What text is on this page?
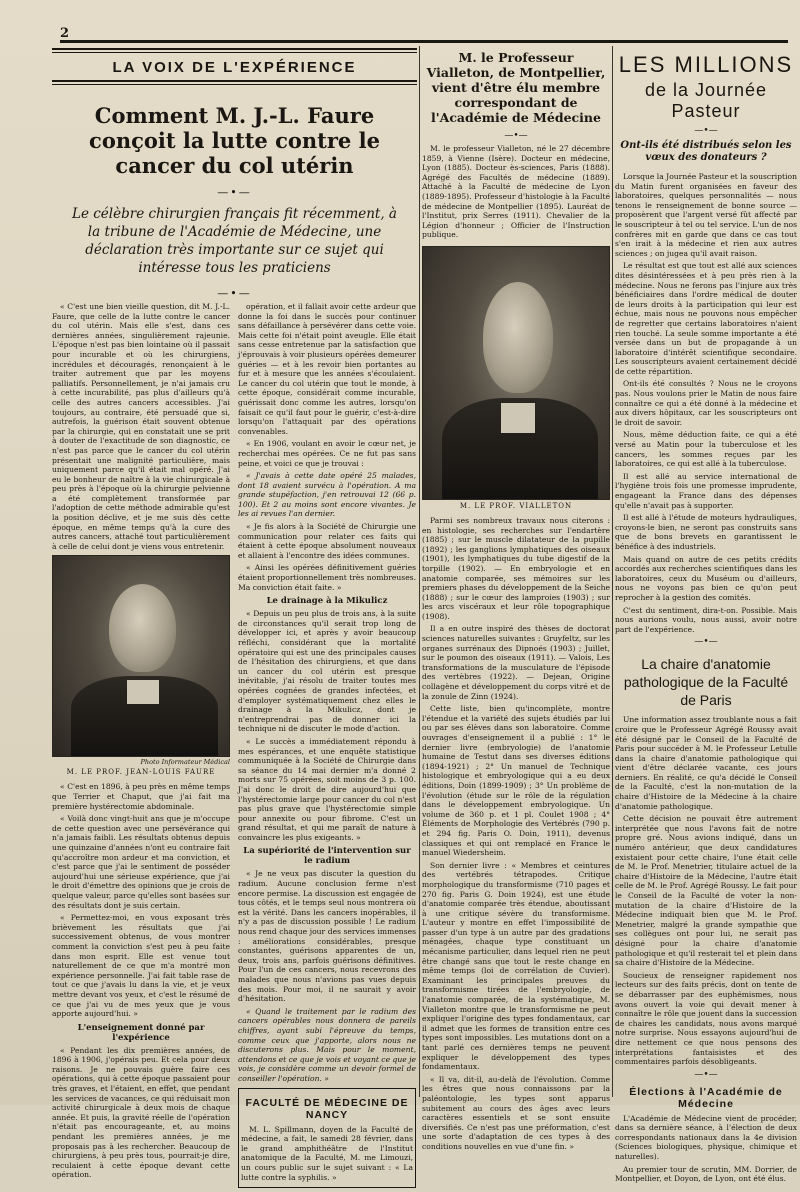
2
LA VOIX DE L'EXPÉRIENCE
Comment M. J.-L. Faure conçoit la lutte contre le cancer du col utérin
—•—
Le célèbre chirurgien français fit récemment, à la tribune de l'Académie de Médecine, une déclaration très importante sur ce sujet qui intéresse tous les praticiens
—•—

« C'est une bien vieille question, dit M. J.-L. Faure, que celle de la lutte contre le cancer du col utérin. Mais elle s'est, dans ces dernières années, singulièrement rajeunie. L'époque n'est pas bien lointaine où il passait pour incurable et où les chirurgiens, incrédules et découragés, renonçaient à le traiter autrement que par les moyens palliatifs. Personnellement, je n'ai jamais cru à cette incurabilité, pas plus d'ailleurs qu'à celle des autres cancers accessibles. J'ai toujours, au contraire, été persuadé que si, autrefois, la guérison était souvent obtenue par la chirurgie, qui en constatait une se prit à douter de l'exactitude de son diagnostic, ce n'est pas parce que le cancer du col utérin présentait une malignité particulière, mais uniquement parce qu'il était mal opéré. J'ai eu le bonheur de naître à la vie chirurgicale à peu près à l'époque où la chirurgie pelvienne a été complètement transformée par l'adoption de cette méthode admirable qu'est la position déclive, et je me suis dès cette époque, en même temps qu'à la cure des autres cancers, attaché tout particulièrement à celle de celui dont je viens vous entretenir.

Photo Informateur Médical
M. LE PROF. JEAN-LOUIS FAURE

« C'est en 1896, à peu près en même temps que Terrier et Chaput, que j'ai fait ma première hystérectomie abdominale.

« Voilà donc vingt-huit ans que je m'occupe de cette question avec une persévérance qui n'a jamais faibli. Les résultats obtenus depuis une quinzaine d'années n'ont eu contraire fait qu'accroître mon ardeur et ma conviction, et c'est parce que j'ai le sentiment de posséder aujourd'hui une sérieuse expérience, que j'ai le droit d'émettre des opinions que je crois de quelque valeur, parce qu'elles sont basées sur des résultats dont je suis certain.

« Permettez-moi, en vous exposant très brièvement les résultats que j'ai successivement obtenus, de vous montrer comment la conviction s'est peu à peu faite dans mon esprit. Elle est venue tout naturellement de ce que m'a montré mon expérience personnelle. J'ai fait table rase de tout ce que j'avais lu dans la vie, et je veux mettre devant vos yeux, et c'est le résumé de ce que j'ai vu de mes yeux que je vous apporte aujourd'hui. »

L'enseignement donné par l'expérience

« Pendant les dix premières années, de 1896 à 1906, j'opérais peu. Et cela pour deux raisons. Je ne pouvais guère faire ces opérations, qui à cette époque passaient pour très graves, et l'étaient, en effet, que pendant les services de vacances, ce qui réduisait mon activité chirurgicale à deux mois de chaque année. Et puis, la gravité réelle de l'opération n'était pas encourageante, et, au moins pendant les premières années, je me proposais pas à les rechercher. Beaucoup de chirurgiens, à peu près tous, pourrait-je dire, reculaient à cette époque devant cette opération.

opération, et il fallait avoir cette ardeur que donne la foi dans le succès pour continuer sans défaillance à persévérer dans cette voie. Mais cette foi n'était point aveugle. Elle était sans cesse entretenue par la satisfaction que j'éprouvais à voir plusieurs opérées demeurer guéries — et à les revoir bien portantes au fur et à mesure que les années s'écoulaient. Le cancer du col utérin que tout le monde, à cette époque, considérait comme incurable, guérissait donc comme les autres, lorsqu'on faisait ce qu'il faut pour le guérir, c'est-à-dire lorsqu'on l'attaquait par des opérations convenables.

« En 1906, voulant en avoir le cœur net, je recherchai mes opérées. Ce ne fut pas sans peine, et voici ce que je trouvai :

« J'avais à cette date opéré 25 malades, dont 18 avaient survécu à l'opération. A ma grande stupéfaction, j'en retrouvai 12 (66 p. 100). Et 2 au moins sont encore vivantes. Je les ai revues l'an dernier.

« Je fis alors à la Société de Chirurgie une communication pour relater ces faits qui étaient à cette époque absolument nouveaux et allaient à l'encontre des idées communes.

« Ainsi les opérées définitivement guéries étaient proportionnellement très nombreuses. Ma conviction était faite. »

Le drainage à la Mikulicz

« Depuis un peu plus de trois ans, à la suite de circonstances qu'il serait trop long de développer ici, et après y avoir beaucoup réfléchi, considérant que la mortalité opératoire qui est une des principales causes de l'hésitation des chirurgiens, et que dans un cancer du col utérin est presque inévitable, j'ai résolu de traiter toutes mes opérées cognées de grandes infectées, et d'employer systématiquement chez elles le drainage à la Mikulicz, dont je n'entreprendrai pas de donner ici la technique ni de discuter le mode d'action.

« Le succès a immédiatement répondu à mes espérances, et une enquête statistique communiquée à la Société de Chirurgie dans sa séance du 14 mai dernier m'a donné 2 morts sur 75 opérées, soit moins de 3 p. 100. J'ai donc le droit de dire aujourd'hui que l'hystérectomie large pour cancer du col n'est pas plus grave que l'hystérectomie simple pour annexite ou pour fibrome. C'est un grand résultat, et qui me paraît de nature à convaincre les plus exigeants. »

La supériorité de l'intervention sur le radium

« Je ne veux pas discuter la question du radium. Aucune conclusion ferme n'est encore permise. La discussion est engagée de tous côtés, et le temps seul nous montrera où est la vérité. Dans les cancers inopérables, il n'y a pas de discussion possible ! Le radium nous rend chaque jour des services immenses : améliorations considérables, presque constantes, guérisons apparentes de un, deux, trois ans, parfois guérisons définitives. Pour l'un de ces cancers, nous recevrons des malades que nous n'avions pas vues depuis des mois. Pour moi, il ne saurait y avoir d'hésitation.

« Quand le traitement par le radium des cancers opérables nous donnera de pareils chiffres, ayant subi l'épreuve du temps, comme ceux que j'apporte, alors nous ne discuterons plus. Mais pour le moment, attendons et ce que je vois et voyant ce que je vois, je considère comme un devoir formel de conseiller l'opération. »

FACULTÉ DE MÉDECINE DE NANCY

M. L. Spillmann, doyen de la Faculté de médecine, a fait, le samedi 28 février, dans le grand amphithéâtre de l'Institut anatomique de la Faculté, M. me Limouzi, un cours public sur le sujet suivant : « La lutte contre la syphilis. »

M. le Professeur Vialleton, de Montpellier, vient d'être élu membre correspondant de l'Académie de Médecine
—•—

M. le professeur Vialleton, né le 27 décembre 1859, à Vienne (Isère). Docteur en médecine, Lyon (1885). Docteur ès-sciences, Paris (1888). Agrégé des Facultés de médecine (1889). Attaché à la Faculté de médecine de Lyon (1889-1895). Professeur d'histologie à la Faculté de médecine de Montpellier (1895). Lauréat de l'Institut, prix Serres (1911). Chevalier de la Légion d'honneur ; Officier de l'Instruction publique.

M. LE PROF. VIALLETON

Parmi ses nombreux travaux nous citerons : en histologie, ses recherches sur l'endartère (1885) ; sur le muscle dilatateur de la pupille (1892) ; les ganglions lymphatiques des oiseaux (1901), les lymphatiques du tube digestif de la torpille (1902). — En embryologie et en anatomie comparée, ses mémoires sur les premiers phases du développement de la Seiche (1888) ; sur le cœur des lamproies (1903) ; sur les arcs viscéraux et leur rôle topographique (1908).

Il a en outre inspiré des thèses de doctorat sciences naturelles suivantes : Gruyfeltz, sur les organes surrénaux des Dipnoés (1903) ; Juillet, sur le poumon des oiseaux (1911). — Valois, Les transformations de la musculature de l'épisode des vertèbres (1922). — Dejean, Origine collagène et développement du corps vitré et de la zonule de Zinn (1924).

Cette liste, bien qu'incomplète, montre l'étendue et la variété des sujets étudiés par lui ou par ses élèves dans son laboratoire. Comme ouvrages d'enseignement il a publié : 1° le dernier livre (embryologie) de l'anatomie humaine de Testut dans ses diverses éditions (1894-1921) ; 2° Un manuel de Technique histologique et embryologique qui a eu deux éditions, Doin (1899-1909) ; 3° Un problème de l'évolution (étude sur le rôle de la régulation dans le développement embryologique. Un volume de 360 p. et 1 pl. Coulet 1908 ; 4° Éléments de Morphologie des Vertébrés (790 p. et 294 fig. Paris O. Doin, 1911), devenus classiques et qui ont remplacé en France le manuel Wiedersheim.

Son dernier livre : « Membres et ceintures des vertébrés tétrapodes. Critique morphologique du transformisme (710 pages et 270 fig. Paris G. Doin 1924), est une étude d'anatomie comparée très étendue, aboutissant à une critique sévère du transformisme. L'auteur y montre en effet l'impossibilité de passer d'un type à un autre par des gradations ménagées, chaque type constituant un mécanisme particulier, dans lequel rien ne peut être changé sans que tout le reste change en même temps (loi de corrélation de Cuvier). Examinant les principales preuves du transformisme tirées de l'embryologie, de l'anatomie comparée, de la systématique, M. Vialleton montre que le transformisme ne peut expliquer l'origine des types fondamentaux, car il admet que les formes de transition entre ces types sont impossibles. Les mutations dont on a tant parlé ces dernières temps ne peuvent expliquer le développement des types fondamentaux.

« Il va, dit-il, au-delà de l'évolution. Comme les êtres que nous connaissons par la paléontologie, les types sont apparus subitement au cours des âges avec leurs caractères essentiels et se sont ensuite diversifiés. Ce n'est pas une préformation, c'est une sorte d'adaptation de ces types à des conditions nouvelles en vue d'une fin. »

LES MILLIONS
de la Journée Pasteur
—•—
Ont-ils été distribués selon les vœux des donateurs ?

Lorsque la Journée Pasteur et la souscription du Matin furent organisées en faveur des laboratoires, quelques personnalités — nous tenons le renseignement de bonne source — proposèrent que l'argent versé fût affecté par le souscripteur à tel ou tel service. L'un de nos confrères mit en garde que dans ce cas tout s'en irait à la médecine et rien aux autres sciences ; on jugea qu'il avait raison.

Le résultat est que tout est allé aux sciences dites désintéressées et à peu près rien à la médecine. Nous ne ferons pas l'injure aux très bénéficiaires dans l'ordre médical de douter de leurs droits à la participation qui leur est échue, mais nous ne pouvons nous empêcher de regretter que certains laboratoires n'aient rien touché. La seule somme importante a été versée dans un but de propagande à un laboratoire d'intérêt scientifique secondaire. Les souscripteurs avaient certainement décidé de cette répartition.

Ont-ils été consultés ? Nous ne le croyons pas. Nous voulons prier le Matin de nous faire connaître ce qui a été donné à la médecine et aux divers hôpitaux, car les souscripteurs ont le droit de savoir.

Nous, même déduction faite, ce qui a été versé au Matin pour la tuberculose et les cancers, les sommes reçues par les laboratoires, ce qui est allé à la tuberculose.

Il est allé au service international de l'hygiène trois fois une promesse imprudente, engageant la France dans des dépenses qu'elle n'avait pas à supporter.

Il est allé à l'étude de moteurs hydrauliques, croyons-le bien, ne seront pas construits sans que de bons brevets en garantissent le bénéfice à des industriels.

Mais quand on autre de ces petits crédits accordés aux recherches scientifiques dans les laboratoires, ceux du Muséum ou d'ailleurs, nous ne voyons pas bien ce qu'on peut reprocher à la gestion des comités.

C'est du sentiment, dira-t-on. Possible. Mais nous aurions voulu, nous aussi, avoir notre part de l'expérience.

—•—
La chaire d'anatomie pathologique de la Faculté de Paris

Une information assez troublante nous a fait croire que le Professeur Agrégé Roussy avait été désigné par le Conseil de la Faculté de Paris pour succéder à M. le Professeur Letulle dans la chaire d'anatomie pathologique qui vient d'être déclarée vacante, ces jours derniers. En réalité, ce qu'a décidé le Conseil de la Faculté, c'est la non-mutation de la chaire d'Histoire de la Médecine à la chaire d'anatomie pathologique.

Cette décision ne pouvait être autrement interprétée que nous l'avons fait de notre propre gré. Nous avions indiqué, dans un numéro antérieur, que deux candidatures existaient pour cette chaire, l'une était celle de M. le Prof. Menetrier, titulaire actuel de la chaire d'Histoire de la Médecine, l'autre était celle de M. le Prof. Agrégé Roussy. Le fait pour le Conseil de la Faculté de voter la non-mutation de la chaire d'Histoire de la Médecine indiquait bien que M. le Prof. Menetrier, malgré la grande sympathie que ses collègues ont pour lui, ne serait pas désigné pour la chaire d'anatomie pathologique et qu'il resterait tel et plein dans sa chaire d'Histoire de la Médecine.

Soucieux de renseigner rapidement nos lecteurs sur des faits précis, dont on tente de se débarrasser par des euphémismes, nous avons ouvert la voie qui devait mener à connaître le rôle que jouent dans la succession de chaires les candidats, nous avons marqué notre surprise. Nous essayons aujourd'hui de dire nettement ce que nous pensons des interprétations fantaisistes et des commentaires parfois désobligeants.

—•—
Élections à l'Académie de Médecine

L'Académie de Médecine vient de procéder, dans sa dernière séance, à l'élection de deux correspondants nationaux dans la 4e division (Sciences biologiques, physique, chimique et naturelles).

Au premier tour de scrutin, MM. Dorrier, de Montpellier, et Doyon, de Lyon, ont été élus.
